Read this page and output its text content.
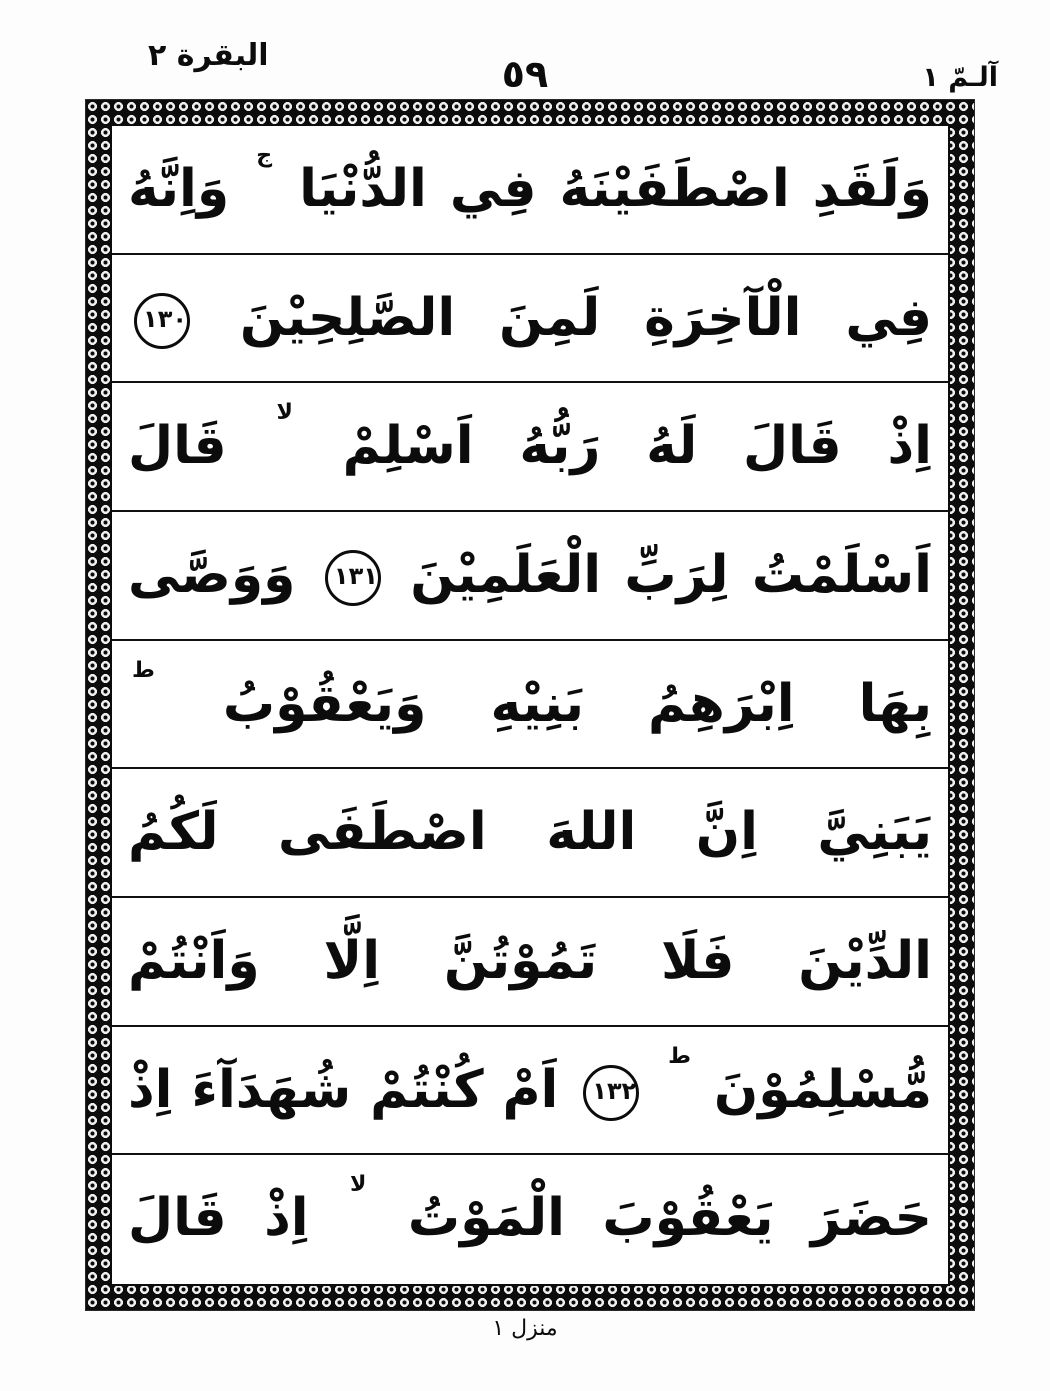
البقرة ٢	٥٩	آلـمّ ١
وَلَقَدِ اصْطَفَيْنَهُ فِي الدُّنْيَا ج وَاِنَّهُ
فِي الْآخِرَةِ لَمِنَ الصَّلِحِيْنَ ١٣٠
اِذْ قَالَ لَهُ رَبُّهُ اَسْلِمْ لا قَالَ
اَسْلَمْتُ لِرَبِّ الْعَلَمِيْنَ ١٣١ وَوَصَّى
بِهَا اِبْرَهِمُ بَنِيْهِ وَيَعْقُوْبُ ط
يَبَنِيَّ اِنَّ اللهَ اصْطَفَى لَكُمُ
الدِّيْنَ فَلَا تَمُوْتُنَّ اِلَّا وَاَنْتُمْ
مُّسْلِمُوْنَ ط ١٣٢ اَمْ كُنْتُمْ شُهَدَآءَ اِذْ
حَضَرَ يَعْقُوْبَ الْمَوْتُ لا اِذْ قَالَ
منزل ١
